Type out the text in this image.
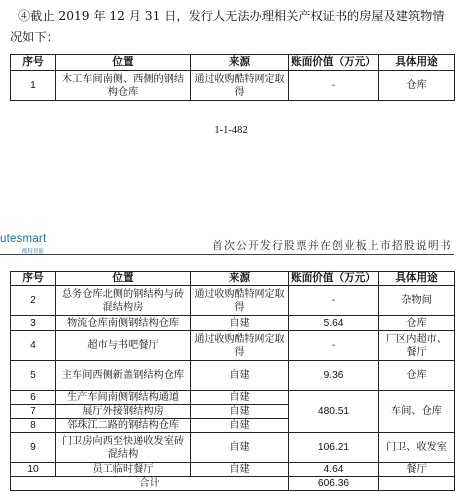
④截止 2019 年 12 月 31 日，发行人无法办理相关产权证书的房屋及建筑物情况如下：

序号	位置	来源	账面价值（万元）	具体用途
1	木工车间南侧、西侧的钢结构仓库	通过收购酷特网定取得	-	仓库
1-1-482
utesmart
酷特智能	首次公开发行股票并在创业板上市招股说明书
序号	位置	来源	账面价值（万元）	具体用途
2	总务仓库北侧的钢结构与砖混结构房	通过收购酷特网定取得	-	杂物间
3	物流仓库南侧钢结构仓库	自建	5.64	仓库
4	超市与书吧餐厅	通过收购酷特网定取得	-	厂区内超市、餐厅
5	主车间西侧新盖钢结构仓库	自建	9.36	仓库
6	生产车间南侧钢结构通道	自建	480.51	车间、仓库
7	展厅外接钢结构房	自建		
8	邻珠江二路的钢结构仓库	自建		
9	门卫房向西至快递收发室砖混结构	自建	106.21	门卫、收发室
10	员工临时餐厅	自建	4.64	餐厅
合计			606.36	
